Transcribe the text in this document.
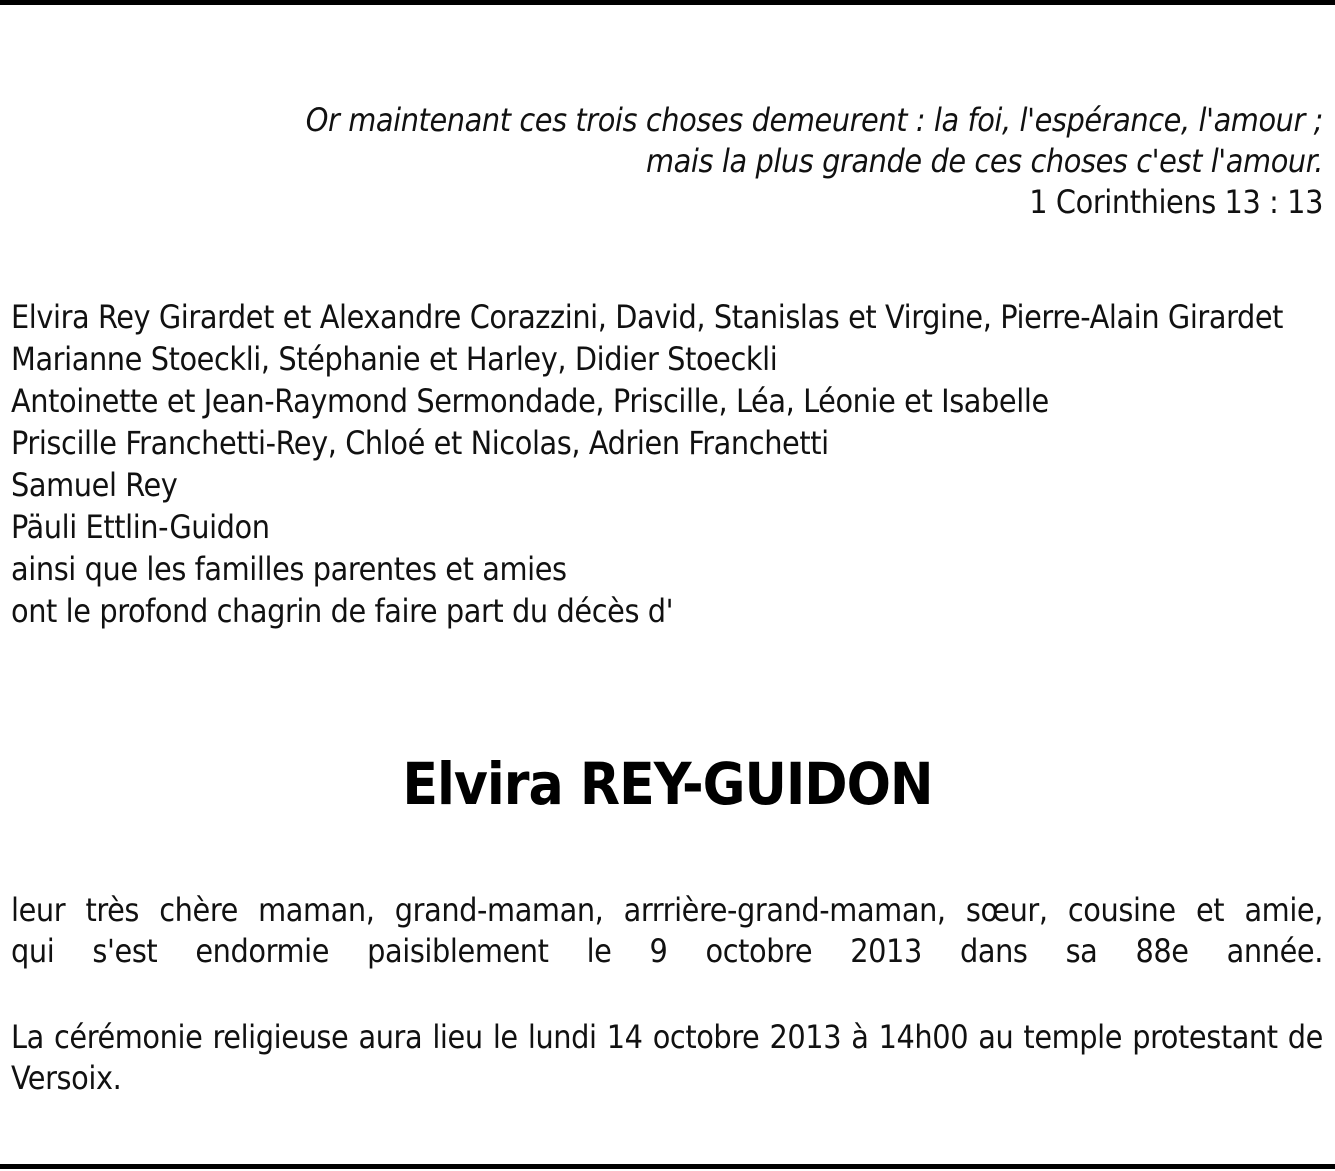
Or maintenant ces trois choses demeurent : la foi, l'espérance, l'amour ;
mais la plus grande de ces choses c'est l'amour.
1 Corinthiens 13 : 13
Elvira Rey Girardet et Alexandre Corazzini, David, Stanislas et Virgine, Pierre-Alain Girardet
Marianne Stoeckli, Stéphanie et Harley, Didier Stoeckli
Antoinette et Jean-Raymond Sermondade, Priscille, Léa, Léonie et Isabelle
Priscille Franchetti-Rey, Chloé et Nicolas, Adrien Franchetti
Samuel Rey
Päuli Ettlin-Guidon
ainsi que les familles parentes et amies
ont le profond chagrin de faire part du décès d'
Elvira REY-GUIDON
leur très chère maman, grand-maman, arrrière-grand-maman, sœur, cousine et amie,
qui s'est endormie paisiblement le 9 octobre 2013 dans sa 88e année.
La cérémonie religieuse aura lieu le lundi 14 octobre 2013 à 14h00 au temple protestant de Versoix.
